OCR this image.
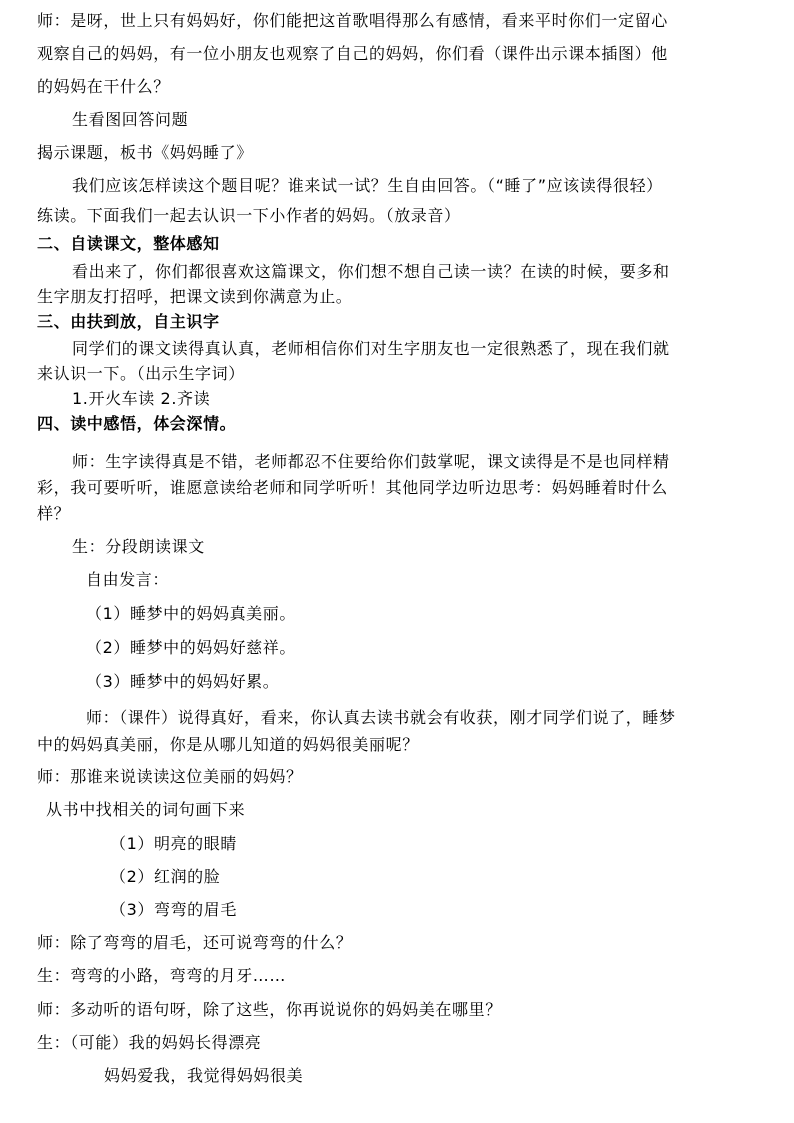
师：是呀，世上只有妈妈好，你们能把这首歌唱得那么有感情，看来平时你们一定留心
观察自己的妈妈，有一位小朋友也观察了自己的妈妈，你们看（课件出示课本插图）他
的妈妈在干什么？
生看图回答问题
揭示课题，板书《妈妈睡了》
我们应该怎样读这个题目呢？谁来试一试？生自由回答。（“睡了”应该读得很轻）
练读。下面我们一起去认识一下小作者的妈妈。（放录音）
二、自读课文，整体感知
看出来了，你们都很喜欢这篇课文，你们想不想自己读一读？在读的时候，要多和
生字朋友打招呼，把课文读到你满意为止。
三、由扶到放，自主识字
同学们的课文读得真认真，老师相信你们对生字朋友也一定很熟悉了，现在我们就
来认识一下。（出示生字词）
1.开火车读 2.齐读
四、读中感悟，体会深情。
师：生字读得真是不错，老师都忍不住要给你们鼓掌呢，课文读得是不是也同样精
彩，我可要听听，谁愿意读给老师和同学听听！其他同学边听边思考：妈妈睡着时什么
样？
生：分段朗读课文
自由发言：
（1）睡梦中的妈妈真美丽。
（2）睡梦中的妈妈好慈祥。
（3）睡梦中的妈妈好累。
师：（课件）说得真好，看来，你认真去读书就会有收获，刚才同学们说了，睡梦
中的妈妈真美丽，你是从哪儿知道的妈妈很美丽呢？
师：那谁来说读读这位美丽的妈妈？
从书中找相关的词句画下来
（1）明亮的眼睛
（2）红润的脸
（3）弯弯的眉毛
师：除了弯弯的眉毛，还可说弯弯的什么？
生：弯弯的小路，弯弯的月牙……
师：多动听的语句呀，除了这些，你再说说你的妈妈美在哪里？
生：（可能）我的妈妈长得漂亮
妈妈爱我，我觉得妈妈很美
